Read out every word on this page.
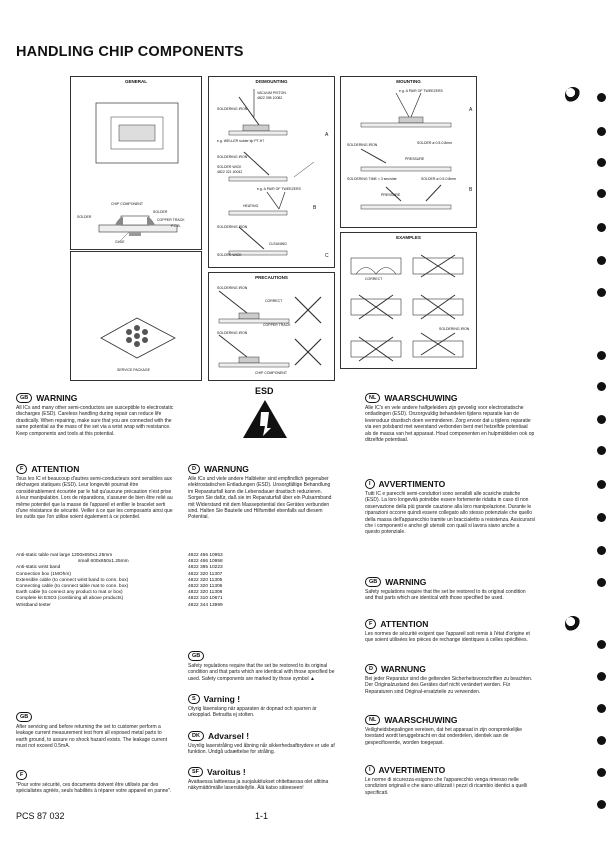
HANDLING CHIP COMPONENTS
GENERAL
CHIP COMPONENT
SOLDER
SOLDER
COPPER TRACK
P.C.B.
GLUE
SERVICE PACKAGE
DISMOUNTING
VACUUM PISTON
4822 395 10082
SOLDERING IRON
e.g. WELLER solder tip PT-H7
SOLDERING IRON
SOLDER WICK
4822 321 40042
e.g. A PAIR OF TWEEZERS
HEATING
SOLDERING IRON
CLEANING
SOLDER WICK
A
B
C
MOUNTING
e.g. A PAIR OF TWEEZERS
SOLDER ø 0.5-0.8mm
SOLDERING IRON
PRESSURE
SOLDERING TIME < 3 sec/side	SOLDER ø 0.5-0.8mm
PRESSURE
A
B
EXAMPLES
CORRECT
SOLDERING IRON
PRECAUTIONS
SOLDERING IRON
CORRECT
COPPER TRACK
SOLDERING IRON
CHIP COMPONENT
ESD
GB WARNING

All ICs and many other semi-conductors are susceptible to electrostatic discharges (ESD). Careless handling during repair can reduce life drastically. When repairing, make sure that you are connected with the same potential as the mass of the set via a wrist wrap with resistance. Keep components and tools at this potential.

F ATTENTION

Tous les IC et beaucoup d'autres semi-conducteurs sont sensibles aux décharges statiques (ESD). Leur longevité pourrait être considérablement écourtée par le fait qu'aucune précaution n'est prise à leur manipulation. Lors de réparations, s'assurer de bien être relié au même potentiel que la masse de l'appareil et enfiler le bracelet serti d'une résistance de sécurité. Veiller à ce que les composants ainsi que les outils que l'on utilise soient également à ce potentiel.

D WARNUNG

Alle ICs und viele andere Halbleiter sind empfindlich gegenuber elektrostatischen Entladungen (ESD). Unsorgfältige Behandlung im Reparaturfall kann die Lebensdauer drastisch reduzieren. Sorgen Sie dafür, daß sie im Reparaturfall über ein Pulsarmband mit Widerstand mit dem Massepotential des Gerätes verbunden sind. Halten Sie Bauteile und Hilfsmittel ebenfalls auf diesem Potential.

NL WAARSCHUWING

Alle IC's en vele andere halfgeleiders zijn gevoelig voor electrostatische ontladingen (ESD). Onzorgvuldig behandelen tijdens reparatie kan de levensduur drastisch doen verminderen. Zorg ervoor dat u tijdens reparatie via een polsband met weerstand verbonden bent met hetzelfde potentiaal als de massa van het apparaat. Houd componenten en hulpmiddelen ook op ditzelfde potentiaal.

I AVVERTIMENTO

Tutti IC e parecchi semi-conduttori sono sensibili alle scariche statiche (ESD). La loro longevità potrebbe essere fortemente ridatta in caso di non osservazione della più grande cauzione alla loro manipolazione. Durante le riparazioni occorre quindi essere collegato allo stesso potenziale che quello della massa dell'apparecchio tramite un braccialetto a resistenza. Assicurarsi che i componenti e anche gli utensili con quali si lavora siano anche a questo potenziale.

Anti-static table mat large 1200x650x1.25mm
small 600x650x1.25mm
Anti-static wrist band
Connection box (1MOhm)
Extensible cable (to connect wrist band to conn. box)
Connecting cable (to connect table mat to conn. box)
Earth cable (to connect any product to mat or box)
Complete kit ESD3 (combining all above products)
Wristband tester
4822 466 10953
4822 466 10958
4822 395 10223
4822 320 11307
4822 320 11305
4822 320 11306
4822 320 11308
4822 310 10671
4822 344 13999
GB WARNING

Safety regulations require that the set be restored to its original condition and that parts which are identical with those specified be used.

F ATTENTION

Les normes de sécurité exigent que l'appareil soit remis à l'état d'origine et que soient utilisées les pièces de rechange identiques à celles spécifiées.

D WARNUNG

Bei jeder Reparatur sind die geltenden Sicherheitsvorschriften zu beachten. Der Originalzustand des Gerätes darf nicht verändert werden. Für Reparaturen sind Original-ersatzteile zu verwenden.

NL WAARSCHUWING

Veiligheidsbepalingen vereisen, dat het apparaat in zijn oorspronkelijke toestand wordt teruggebracht en dat onderdelen, identiek aan de gespecificeerde, worden toegepast.

I AVVERTIMENTO

Le norme di sicurezza esigono che l'apparecchio venga rimesso nelle condizioni originali e che siano utilizzati i pezzi di ricambio identici a quelli specificati.

GB

Safety regulations require that the set be restored to its original condition and that parts which are identical with those specified be used. Safety components are marked by those symbol ▲

S Varning !

Otyrig läsenslang när apparaten är dopnad och sparren är urkopplad. Betradta ej stolten.

DK Advarsel !

Usynlig laserstråling ved åbning når sikkerhedsafbrydere er ude af funktion. Undgå udsættelse for stråling.

SF Varoitus !

Avattaessa laitteessa ja suojalukitukset ohitettaessa olet alttiina näkymättömälle lasersäteilylle. Älä katso säteeseen!

GB

After servicing and before returning the set to customer perform a leakage current measurement test from all exposed metal parts to earth ground, to assure no shock hazard exists. The leakage current must not exceed 0.5mA.

F

"Pour votre sécurité, ces documents doivent être utilisés par des spécialistes agréés, seuls habilités à réparer votre appareil en panne".

PCS 87 032	1-1
